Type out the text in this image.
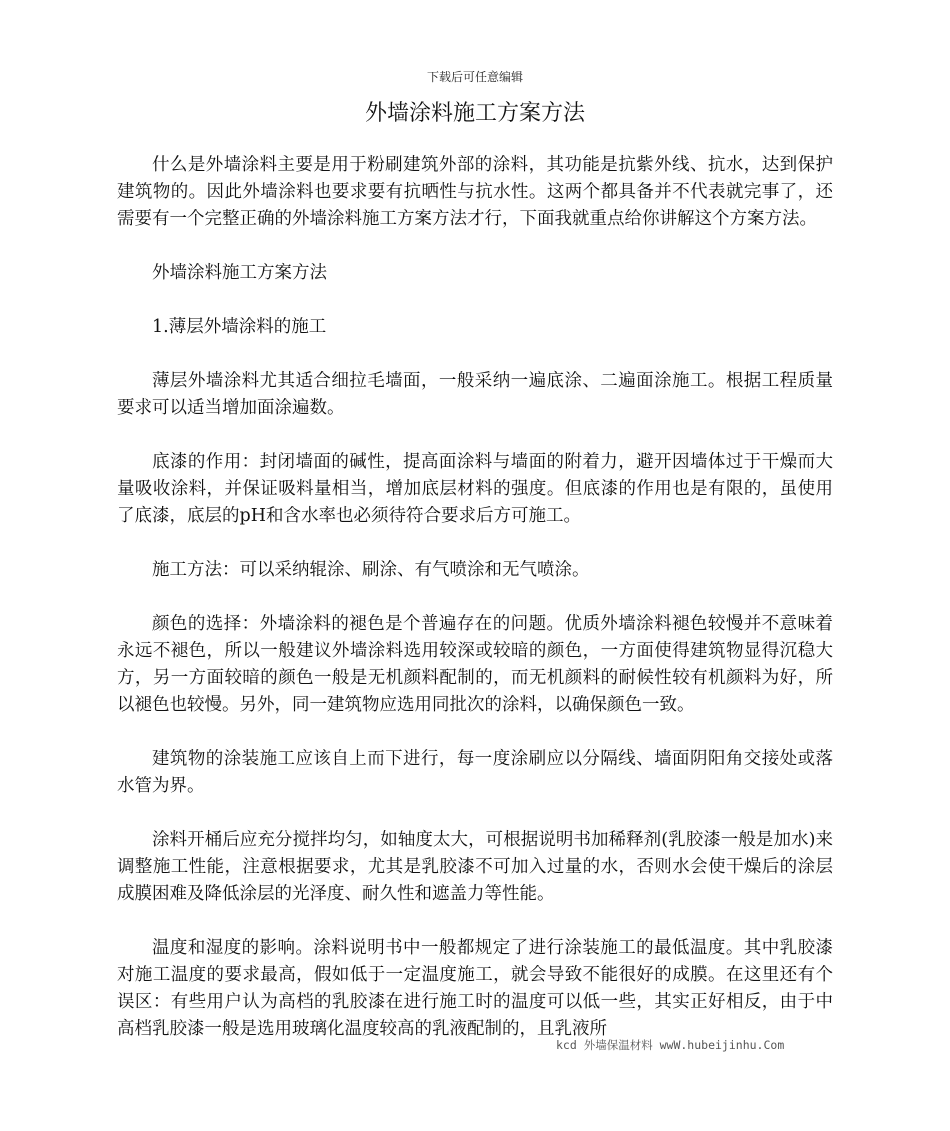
下载后可任意编辑
外墙涂料施工方案方法

什么是外墙涂料主要是用于粉刷建筑外部的涂料，其功能是抗紫外线、抗水，达到保护建筑物的。因此外墙涂料也要求要有抗晒性与抗水性。这两个都具备并不代表就完事了，还需要有一个完整正确的外墙涂料施工方案方法才行，下面我就重点给你讲解这个方案方法。

外墙涂料施工方案方法

1.薄层外墙涂料的施工

薄层外墙涂料尤其适合细拉毛墙面，一般采纳一遍底涂、二遍面涂施工。根据工程质量要求可以适当增加面涂遍数。

底漆的作用：封闭墙面的碱性，提高面涂料与墙面的附着力，避开因墙体过于干燥而大量吸收涂料，并保证吸料量相当，增加底层材料的强度。但底漆的作用也是有限的，虽使用了底漆，底层的pH和含水率也必须待符合要求后方可施工。

施工方法：可以采纳辊涂、刷涂、有气喷涂和无气喷涂。

颜色的选择：外墙涂料的褪色是个普遍存在的问题。优质外墙涂料褪色较慢并不意味着永远不褪色，所以一般建议外墙涂料选用较深或较暗的颜色，一方面使得建筑物显得沉稳大方，另一方面较暗的颜色一般是无机颜料配制的，而无机颜料的耐候性较有机颜料为好，所以褪色也较慢。另外，同一建筑物应选用同批次的涂料，以确保颜色一致。

建筑物的涂装施工应该自上而下进行，每一度涂刷应以分隔线、墙面阴阳角交接处或落水管为界。

涂料开桶后应充分搅拌均匀，如轴度太大，可根据说明书加稀释剂(乳胶漆一般是加水)来调整施工性能，注意根据要求，尤其是乳胶漆不可加入过量的水，否则水会使干燥后的涂层成膜困难及降低涂层的光泽度、耐久性和遮盖力等性能。

温度和湿度的影响。涂料说明书中一般都规定了进行涂装施工的最低温度。其中乳胶漆对施工温度的要求最高，假如低于一定温度施工，就会导致不能很好的成膜。在这里还有个误区：有些用户认为高档的乳胶漆在进行施工时的温度可以低一些，其实正好相反，由于中高档乳胶漆一般是选用玻璃化温度较高的乳液配制的，且乳液所

kcd 外墙保温材料 wwW.hubeijinhu.Com
